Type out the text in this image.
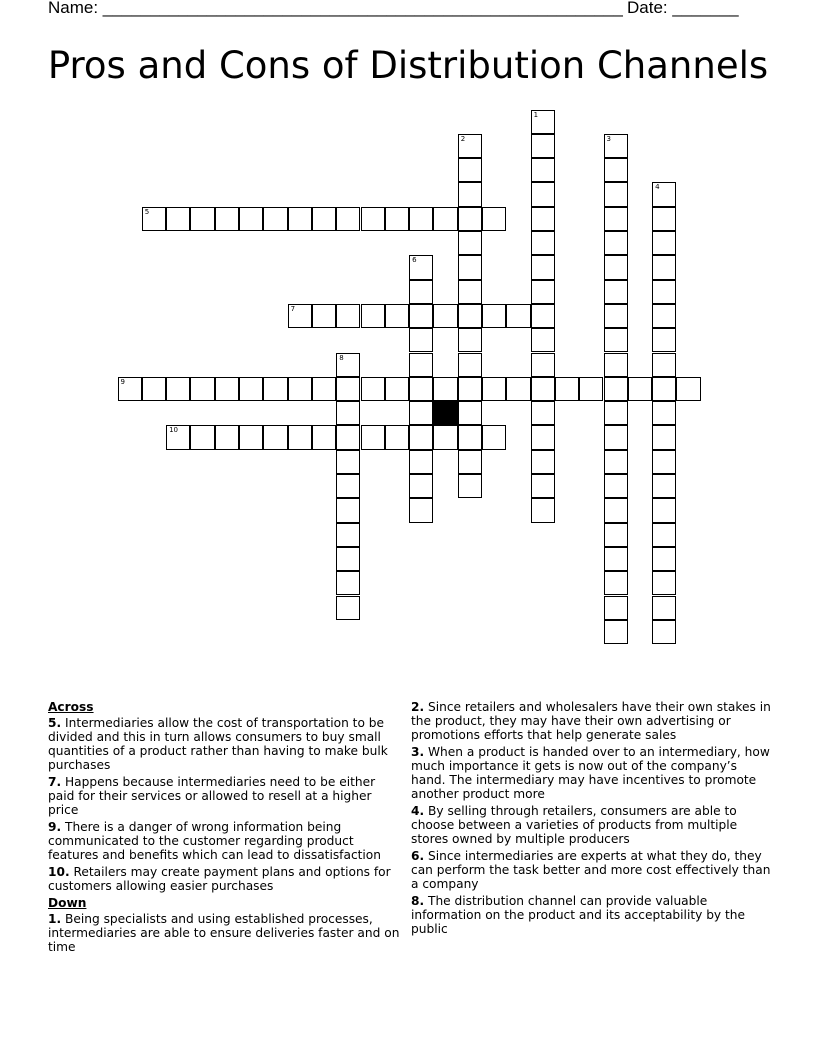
Name: _______________________________________________________ Date: _______
Pros and Cons of Distribution Channels
1
2	3
4
5
6
7
8
9
10
Across
5. Intermediaries allow the cost of transportation to be divided and this in turn allows consumers to buy small quantities of a product rather than having to make bulk purchases
7. Happens because intermediaries need to be either paid for their services or allowed to resell at a higher price
9. There is a danger of wrong information being communicated to the customer regarding product features and benefits which can lead to dissatisfaction
10. Retailers may create payment plans and options for customers allowing easier purchases
Down
1. Being specialists and using established processes, intermediaries are able to ensure deliveries faster and on time
2. Since retailers and wholesalers have their own stakes in the product, they may have their own advertising or promotions efforts that help generate sales
3. When a product is handed over to an intermediary, how much importance it gets is now out of the company’s hand. The intermediary may have incentives to promote another product more
4. By selling through retailers, consumers are able to choose between a varieties of products from multiple stores owned by multiple producers
6. Since intermediaries are experts at what they do, they can perform the task better and more cost effectively than a company
8. The distribution channel can provide valuable information on the product and its acceptability by the public
